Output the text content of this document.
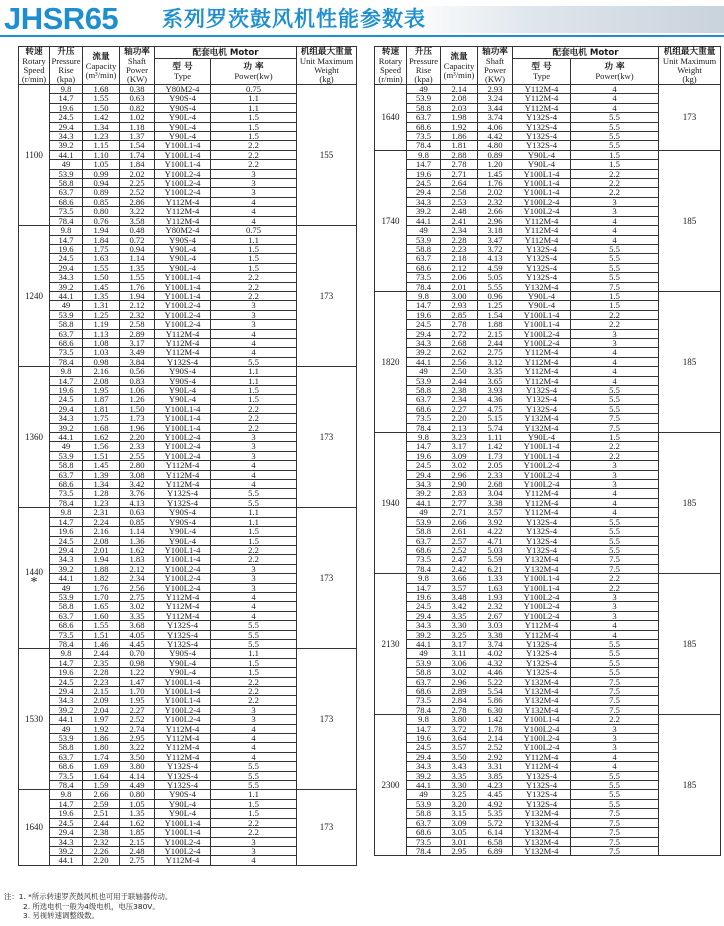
JHSR65 系列罗茨鼓风机性能参数表
转速
Rotary
Speed
(r/min)	升压
Pressure
Rise
(kpa)	流量
Capacity
(m³/min)	轴功率
Shaft
Power
(KW)	配套电机 Motor		机组最大重量
Unit Maximum
Weight
(kg)
				型 号
Type	功 率
Power(kw)	
1100	9.8	1.68	0.38	Y80M2-4	0.75	155
	14.7	1.55	0.63	Y90S-4	1.1	
	19.6	1.50	0.82	Y90S-4	1.1	
	24.5	1.42	1.02	Y90L-4	1.5	
	29.4	1.34	1.18	Y90L-4	1.5	
	34.3	1.23	1.37	Y90L-4	1.5	
	39.2	1.15	1.54	Y100L1-4	2.2	
	44.1	1.10	1.74	Y100L1-4	2.2	
	49	1.05	1.84	Y100L1-4	2.2	
	53.9	0.99	2.02	Y100L2-4	3	
	58.8	0.94	2.25	Y100L2-4	3	
	63.7	0.89	2.52	Y100L2-4	3	
	68.6	0.85	2.86	Y112M-4	4	
	73.5	0.80	3.22	Y112M-4	4	
	78.4	0.76	3.58	Y112M-4	4	
1240	9.8	1.94	0.48	Y80M2-4	0.75	173
	14.7	1.84	0.72	Y90S-4	1.1	
	19.6	1.75	0.94	Y90L-4	1.5	
	24.5	1.63	1.14	Y90L-4	1.5	
	29.4	1.55	1.35	Y90L-4	1.5	
	34.3	1.50	1.55	Y100L1-4	2.2	
	39.2	1.45	1.76	Y100L1-4	2.2	
	44.1	1.35	1.94	Y100L1-4	2.2	
	49	1.31	2.12	Y100L2-4	3	
	53.9	1.25	2.32	Y100L2-4	3	
	58.8	1.19	2.58	Y100L2-4	3	
	63.7	1.13	2.89	Y112M-4	4	
	68.6	1.08	3.17	Y112M-4	4	
	73.5	1.03	3.49	Y112M-4	4	
	78.4	0.98	3.84	Y132S-4	5.5	
1360	9.8	2.16	0.56	Y90S-4	1.1	173
	14.7	2.08	0.83	Y90S-4	1.1	
	19.6	1.95	1.06	Y90L-4	1.5	
	24.5	1.87	1.26	Y90L-4	1.5	
	29.4	1.81	1.50	Y100L1-4	2.2	
	34.3	1.75	1.73	Y100L1-4	2.2	
	39.2	1.68	1.96	Y100L1-4	2.2	
	44.1	1.62	2.20	Y100L2-4	3	
	49	1.56	2.33	Y100L2-4	3	
	53.9	1.51	2.55	Y100L2-4	3	
	58.8	1.45	2.80	Y112M-4	4	
	63.7	1.39	3.08	Y112M-4	4	
	68.6	1.34	3.42	Y112M-4	4	
	73.5	1.28	3.76	Y132S-4	5.5	
	78.4	1.23	4.13	Y132S-4	5.5	
1440
*	9.8	2.31	0.63	Y90S-4	1.1	173
	14.7	2.24	0.85	Y90S-4	1.1	
	19.6	2.16	1.14	Y90L-4	1.5	
	24.5	2.08	1.36	Y90L-4	1.5	
	29.4	2.01	1.62	Y100L1-4	2.2	
	34.3	1.94	1.83	Y100L1-4	2.2	
	39.2	1.88	2.12	Y100L2-4	3	
	44.1	1.82	2.34	Y100L2-4	3	
	49	1.76	2.56	Y100L2-4	3	
	53.9	1.70	2.75	Y112M-4	4	
	58.8	1.65	3.02	Y112M-4	4	
	63.7	1.60	3.35	Y112M-4	4	
	68.6	1.55	3.68	Y132S-4	5.5	
	73.5	1.51	4.05	Y132S-4	5.5	
	78.4	1.46	4.45	Y132S-4	5.5	
1530	9.8	2.44	0.70	Y90S-4	1.1	173
	14.7	2.35	0.98	Y90L-4	1.5	
	19.6	2.28	1.22	Y90L-4	1.5	
	24.5	2.23	1.47	Y100L1-4	2.2	
	29.4	2.15	1.70	Y100L1-4	2.2	
	34.3	2.09	1.95	Y100L1-4	2.2	
	39.2	2.04	2.27	Y100L2-4	3	
	44.1	1.97	2.52	Y100L2-4	3	
	49	1.92	2.74	Y112M-4	4	
	53.9	1.86	2.95	Y112M-4	4	
	58.8	1.80	3.22	Y112M-4	4	
	63.7	1.74	3.50	Y112M-4	4	
	68.6	1.69	3.80	Y132S-4	5.5	
	73.5	1.64	4.14	Y132S-4	5.5	
	78.4	1.59	4.49	Y132S-4	5.5	
1640	9.8	2.66	0.80	Y90S-4	1.1	173
	14.7	2.59	1.05	Y90L-4	1.5	
	19.6	2.51	1.35	Y90L-4	1.5	
	24.5	2.44	1.62	Y100L1-4	2.2	
	29.4	2.38	1.85	Y100L1-4	2.2	
	34.3	2.32	2.15	Y100L2-4	3	
	39.2	2.26	2.48	Y100L2-4	3	
	44.1	2.20	2.75	Y112M-4	4	
转速
Rotary
Speed
(r/min)	升压
Pressure
Rise
(kpa)	流量
Capacity
(m³/min)	轴功率
Shaft
Power
(KW)	配套电机 Motor		机组最大重量
Unit Maximum
Weight
(kg)
				型 号
Type	功 率
Power(kw)	
1640	49	2.14	2.93	Y112M-4	4	173
	53.9	2.08	3.24	Y112M-4	4	
	58.8	2.03	3.44	Y112M-4	4	
	63.7	1.98	3.74	Y132S-4	5.5	
	68.6	1.92	4.06	Y132S-4	5.5	
	73.5	1.86	4.42	Y132S-4	5.5	
	78.4	1.81	4.80	Y132S-4	5.5	
1740	9.8	2.88	0.89	Y90L-4	1.5	185
	14.7	2.78	1.20	Y90L-4	1.5	
	19.6	2.71	1.45	Y100L1-4	2.2	
	24.5	2.64	1.76	Y100L1-4	2.2	
	29.4	2.58	2.02	Y100L1-4	2.2	
	34.3	2.53	2.32	Y100L2-4	3	
	39.2	2.48	2.66	Y100L2-4	3	
	44.1	2.41	2.96	Y112M-4	4	
	49	2.34	3.18	Y112M-4	4	
	53.9	2.28	3.47	Y112M-4	4	
	58.8	2.23	3.72	Y132S-4	5.5	
	63.7	2.18	4.13	Y132S-4	5.5	
	68.6	2.12	4.59	Y132S-4	5.5	
	73.5	2.06	5.05	Y132S-4	5.5	
	78.4	2.01	5.55	Y132M-4	7.5	
1820	9.8	3.00	0.96	Y90L-4	1.5	185
	14.7	2.93	1.25	Y90L-4	1.5	
	19.6	2.85	1.54	Y100L1-4	2.2	
	24.5	2.78	1.88	Y100L1-4	2.2	
	29.4	2.72	2.15	Y100L2-4	3	
	34.3	2.68	2.44	Y100L2-4	3	
	39.2	2.62	2.75	Y112M-4	4	
	44.1	2.56	3.12	Y112M-4	4	
	49	2.50	3.35	Y112M-4	4	
	53.9	2.44	3.65	Y112M-4	4	
	58.8	2.38	3.93	Y132S-4	5.5	
	63.7	2.34	4.36	Y132S-4	5.5	
	68.6	2.27	4.75	Y132S-4	5.5	
	73.5	2.20	5.15	Y132M-4	7.5	
	78.4	2.13	5.74	Y132M-4	7.5	
1940	9.8	3.23	1.11	Y90L-4	1.5	185
	14.7	3.17	1.42	Y100L1-4	2.2	
	19.6	3.09	1.73	Y100L1-4	2.2	
	24.5	3.02	2.05	Y100L2-4	3	
	29.4	2.96	2.33	Y100L2-4	3	
	34.3	2.90	2.68	Y100L2-4	3	
	39.2	2.83	3.04	Y112M-4	4	
	44.1	2.77	3.38	Y112M-4	4	
	49	2.71	3.57	Y112M-4	4	
	53.9	2.66	3.92	Y132S-4	5.5	
	58.8	2.61	4.22	Y132S-4	5.5	
	63.7	2.57	4.71	Y132S-4	5.5	
	68.6	2.52	5.03	Y132S-4	5.5	
	73.5	2.47	5.59	Y132M-4	7.5	
	78.4	2.42	6.21	Y132M-4	7.5	
2130	9.8	3.66	1.33	Y100L1-4	2.2	185
	14.7	3.57	1.63	Y100L1-4	2.2	
	19.6	3.48	1.93	Y100L2-4	3	
	24.5	3.42	2.32	Y100L2-4	3	
	29.4	3.35	2.67	Y100L2-4	3	
	34.3	3.30	3.03	Y112M-4	4	
	39.2	3.25	3.38	Y112M-4	4	
	44.1	3.17	3.74	Y132S-4	5.5	
	49	3.11	4.02	Y132S-4	5.5	
	53.9	3.06	4.32	Y132S-4	5.5	
	58.8	3.02	4.46	Y132S-4	5.5	
	63.7	2.96	5.22	Y132M-4	7.5	
	68.6	2.89	5.54	Y132M-4	7.5	
	73.5	2.84	5.86	Y132M-4	7.5	
	78.4	2.78	6.30	Y132M-4	7.5	
2300	9.8	3.80	1.42	Y100L1-4	2.2	185
	14.7	3.72	1.78	Y100L2-4	3	
	19.6	3.64	2.14	Y100L2-4	3	
	24.5	3.57	2.52	Y100L2-4	3	
	29.4	3.50	2.92	Y112M-4	4	
	34.3	3.43	3.31	Y112M-4	4	
	39.2	3.35	3.85	Y132S-4	5.5	
	44.1	3.30	4.23	Y132S-4	5.5	
	49	3.25	4.45	Y132S-4	5.5	
	53.9	3.20	4.92	Y132S-4	5.5	
	58.8	3.15	5.35	Y132M-4	7.5	
	63.7	3.09	5.72	Y132M-4	7.5	
	68.6	3.05	6.14	Y132M-4	7.5	
	73.5	3.01	6.58	Y132M-4	7.5	
	78.4	2.95	6.89	Y132M-4	7.5	
注：1. *所示转速罗茨鼓风机也可用于联轴器传动。
2. 所选电机一般为4级电机，电压380V。
3. 另视转速调整级数。
